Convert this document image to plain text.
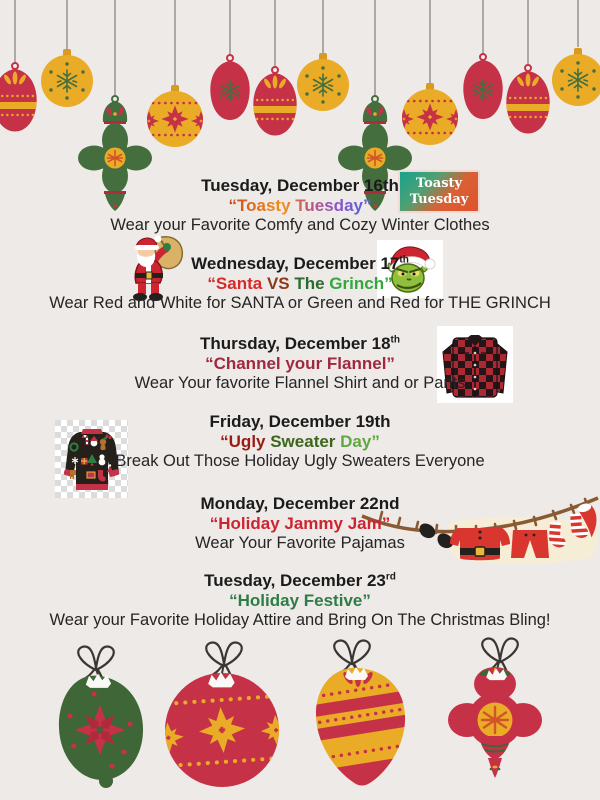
Toasty
Tuesday
Tuesday, December 16th
“Toasty Tuesday”
Wear your Favorite Comfy and Cozy Winter Clothes
Wednesday, December 17th
“Santa VS The Grinch”
Wear Red and White for SANTA or Green and Red for THE GRINCH
Thursday, December 18th
“Channel your Flannel”
Wear Your favorite Flannel Shirt and or Pants
Friday, December 19th
“Ugly Sweater Day”
Break Out Those Holiday Ugly Sweaters Everyone
Monday, December 22nd
“Holiday Jammy Jam”
Wear Your Favorite Pajamas
Tuesday, December 23rd
“Holiday Festive”
Wear your Favorite Holiday Attire and Bring On The Christmas Bling!
